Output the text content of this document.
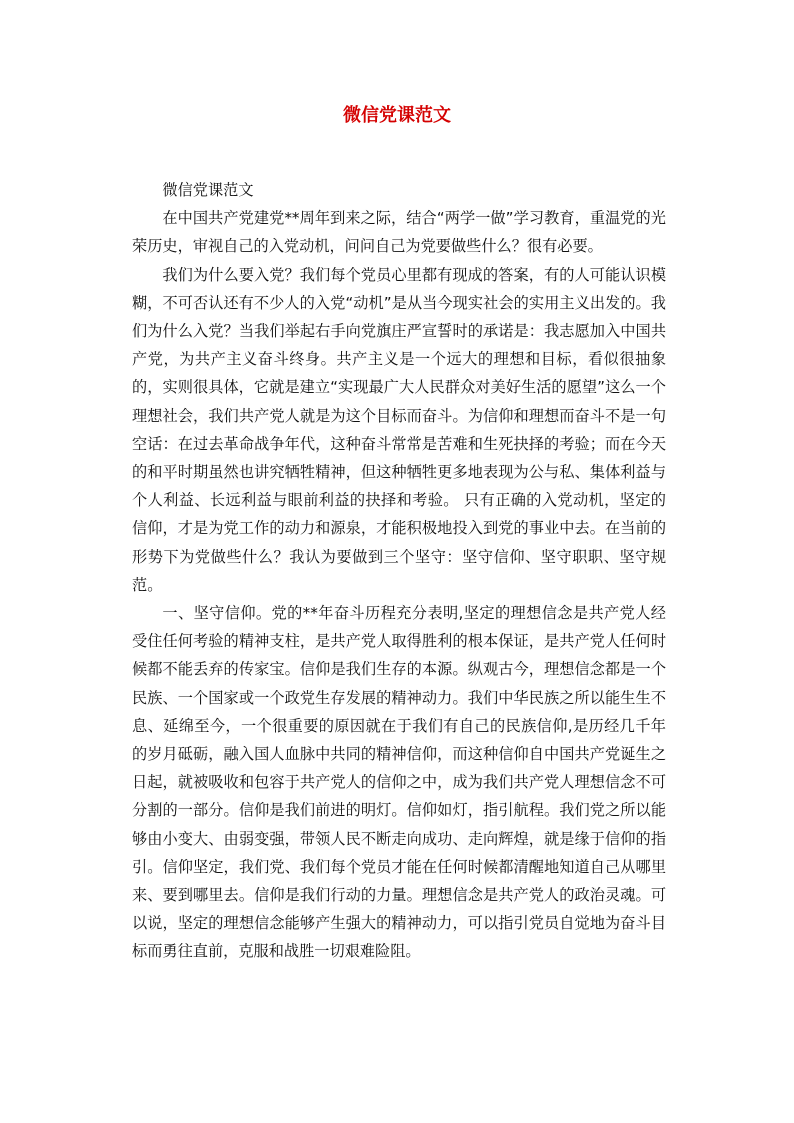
微信党课范文

微信党课范文

在中国共产党建党**周年到来之际，结合“两学一做”学习教育，重温党的光荣历史，审视自己的入党动机，问问自己为党要做些什么？很有必要。

我们为什么要入党？我们每个党员心里都有现成的答案，有的人可能认识模糊，不可否认还有不少人的入党“动机”是从当今现实社会的实用主义出发的。我们为什么入党？当我们举起右手向党旗庄严宣誓时的承诺是：我志愿加入中国共产党，为共产主义奋斗终身。共产主义是一个远大的理想和目标，看似很抽象的，实则很具体，它就是建立“实现最广大人民群众对美好生活的愿望”这么一个理想社会，我们共产党人就是为这个目标而奋斗。为信仰和理想而奋斗不是一句空话：在过去革命战争年代，这种奋斗常常是苦难和生死抉择的考验；而在今天的和平时期虽然也讲究牺牲精神，但这种牺牲更多地表现为公与私、集体利益与个人利益、长远利益与眼前利益的抉择和考验。 只有正确的入党动机，坚定的信仰，才是为党工作的动力和源泉，才能积极地投入到党的事业中去。在当前的形势下为党做些什么？我认为要做到三个坚守：坚守信仰、坚守职职、坚守规范。

一、坚守信仰。党的**年奋斗历程充分表明,坚定的理想信念是共产党人经受住任何考验的精神支柱，是共产党人取得胜利的根本保证，是共产党人任何时候都不能丢弃的传家宝。信仰是我们生存的本源。纵观古今，理想信念都是一个民族、一个国家或一个政党生存发展的精神动力。我们中华民族之所以能生生不息、延绵至今，一个很重要的原因就在于我们有自己的民族信仰,是历经几千年的岁月砥砺，融入国人血脉中共同的精神信仰，而这种信仰自中国共产党诞生之日起，就被吸收和包容于共产党人的信仰之中，成为我们共产党人理想信念不可分割的一部分。信仰是我们前进的明灯。信仰如灯，指引航程。我们党之所以能够由小变大、由弱变强，带领人民不断走向成功、走向辉煌，就是缘于信仰的指引。信仰坚定，我们党、我们每个党员才能在任何时候都清醒地知道自己从哪里来、要到哪里去。信仰是我们行动的力量。理想信念是共产党人的政治灵魂。可以说，坚定的理想信念能够产生强大的精神动力，可以指引党员自觉地为奋斗目标而勇往直前，克服和战胜一切艰难险阻。
